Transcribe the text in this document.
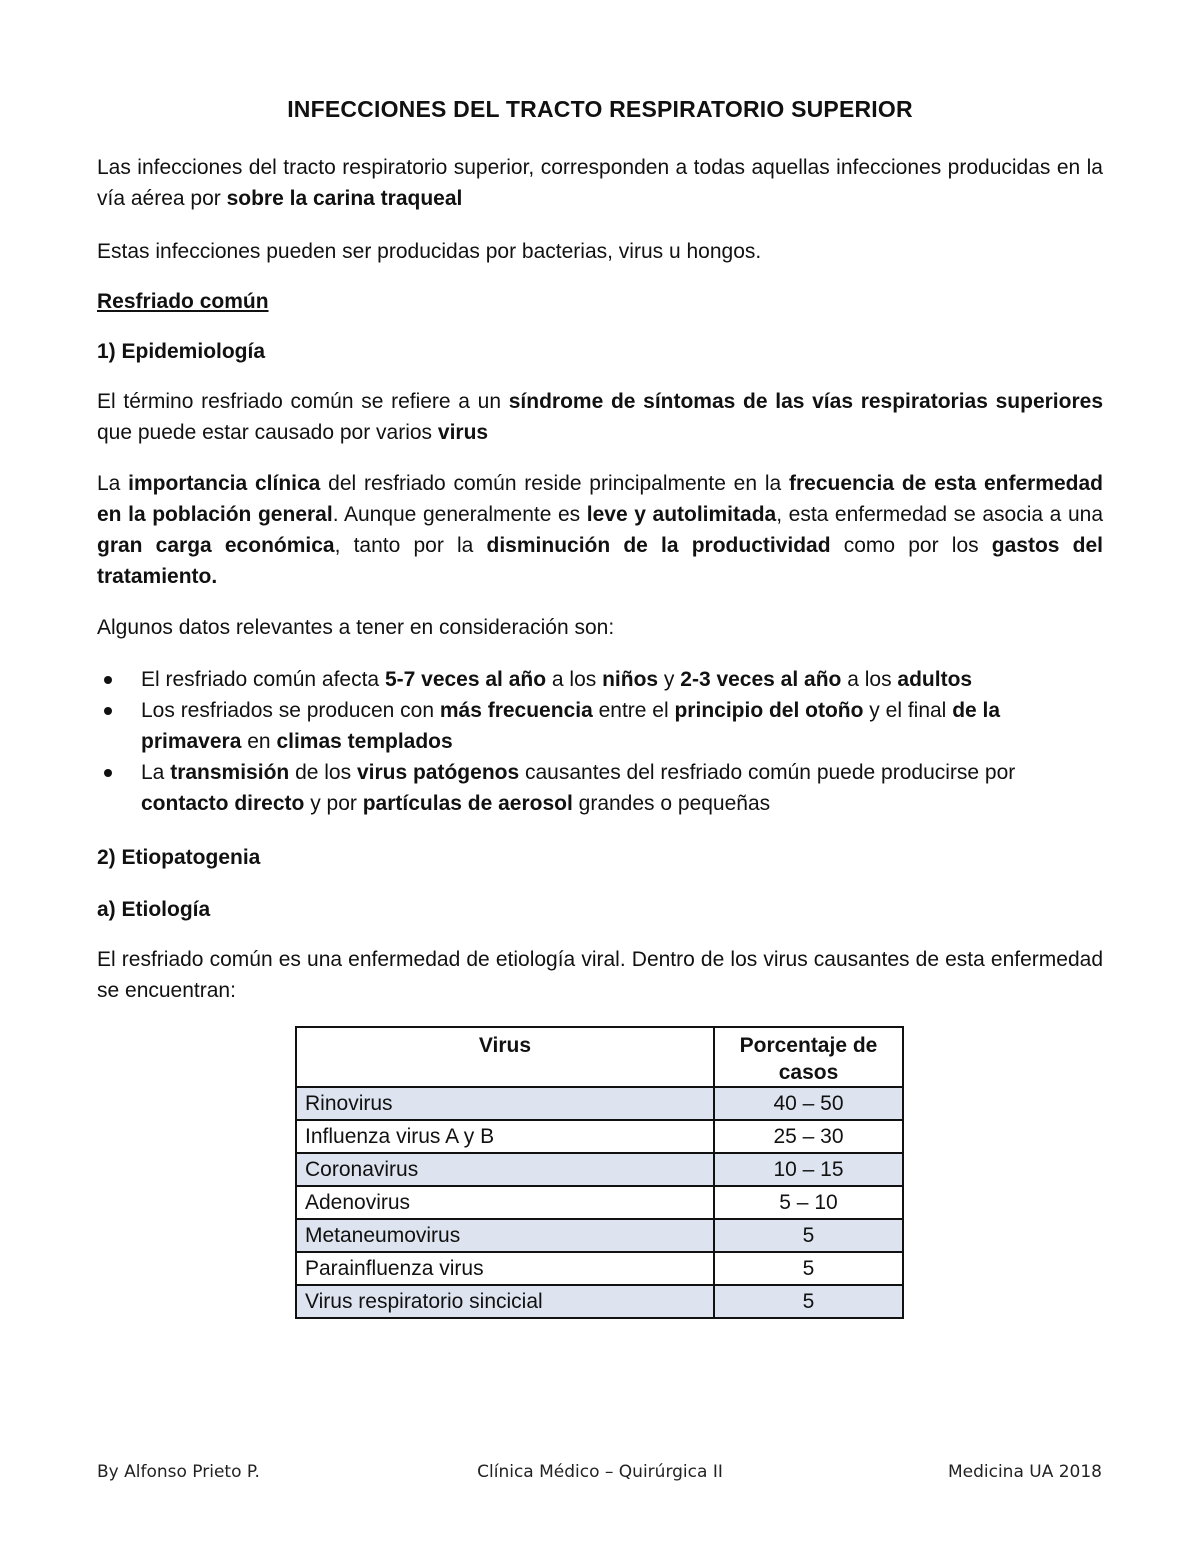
INFECCIONES DEL TRACTO RESPIRATORIO SUPERIOR

Las infecciones del tracto respiratorio superior, corresponden a todas aquellas infecciones producidas en la vía aérea por sobre la carina traqueal

Estas infecciones pueden ser producidas por bacterias, virus u hongos.

Resfriado común

1) Epidemiología

El término resfriado común se refiere a un síndrome de síntomas de las vías respiratorias superiores que puede estar causado por varios virus

La importancia clínica del resfriado común reside principalmente en la frecuencia de esta enfermedad en la población general. Aunque generalmente es leve y autolimitada, esta enfermedad se asocia a una gran carga económica, tanto por la disminución de la productividad como por los gastos del tratamiento.

Algunos datos relevantes a tener en consideración son:

El resfriado común afecta 5-7 veces al año a los niños y 2-3 veces al año a los adultos
Los resfriados se producen con más frecuencia entre el principio del otoño y el final de la primavera en climas templados
La transmisión de los virus patógenos causantes del resfriado común puede producirse por contacto directo y por partículas de aerosol grandes o pequeñas

2) Etiopatogenia

a) Etiología

El resfriado común es una enfermedad de etiología viral. Dentro de los virus causantes de esta enfermedad se encuentran:

Virus	Porcentaje de casos
Rinovirus	40 – 50
Influenza virus A y B	25 – 30
Coronavirus	10 – 15
Adenovirus	5 – 10
Metaneumovirus	5
Parainfluenza virus	5
Virus respiratorio sincicial	5
By Alfonso Prieto P.	Clínica Médico – Quirúrgica II	Medicina UA 2018
